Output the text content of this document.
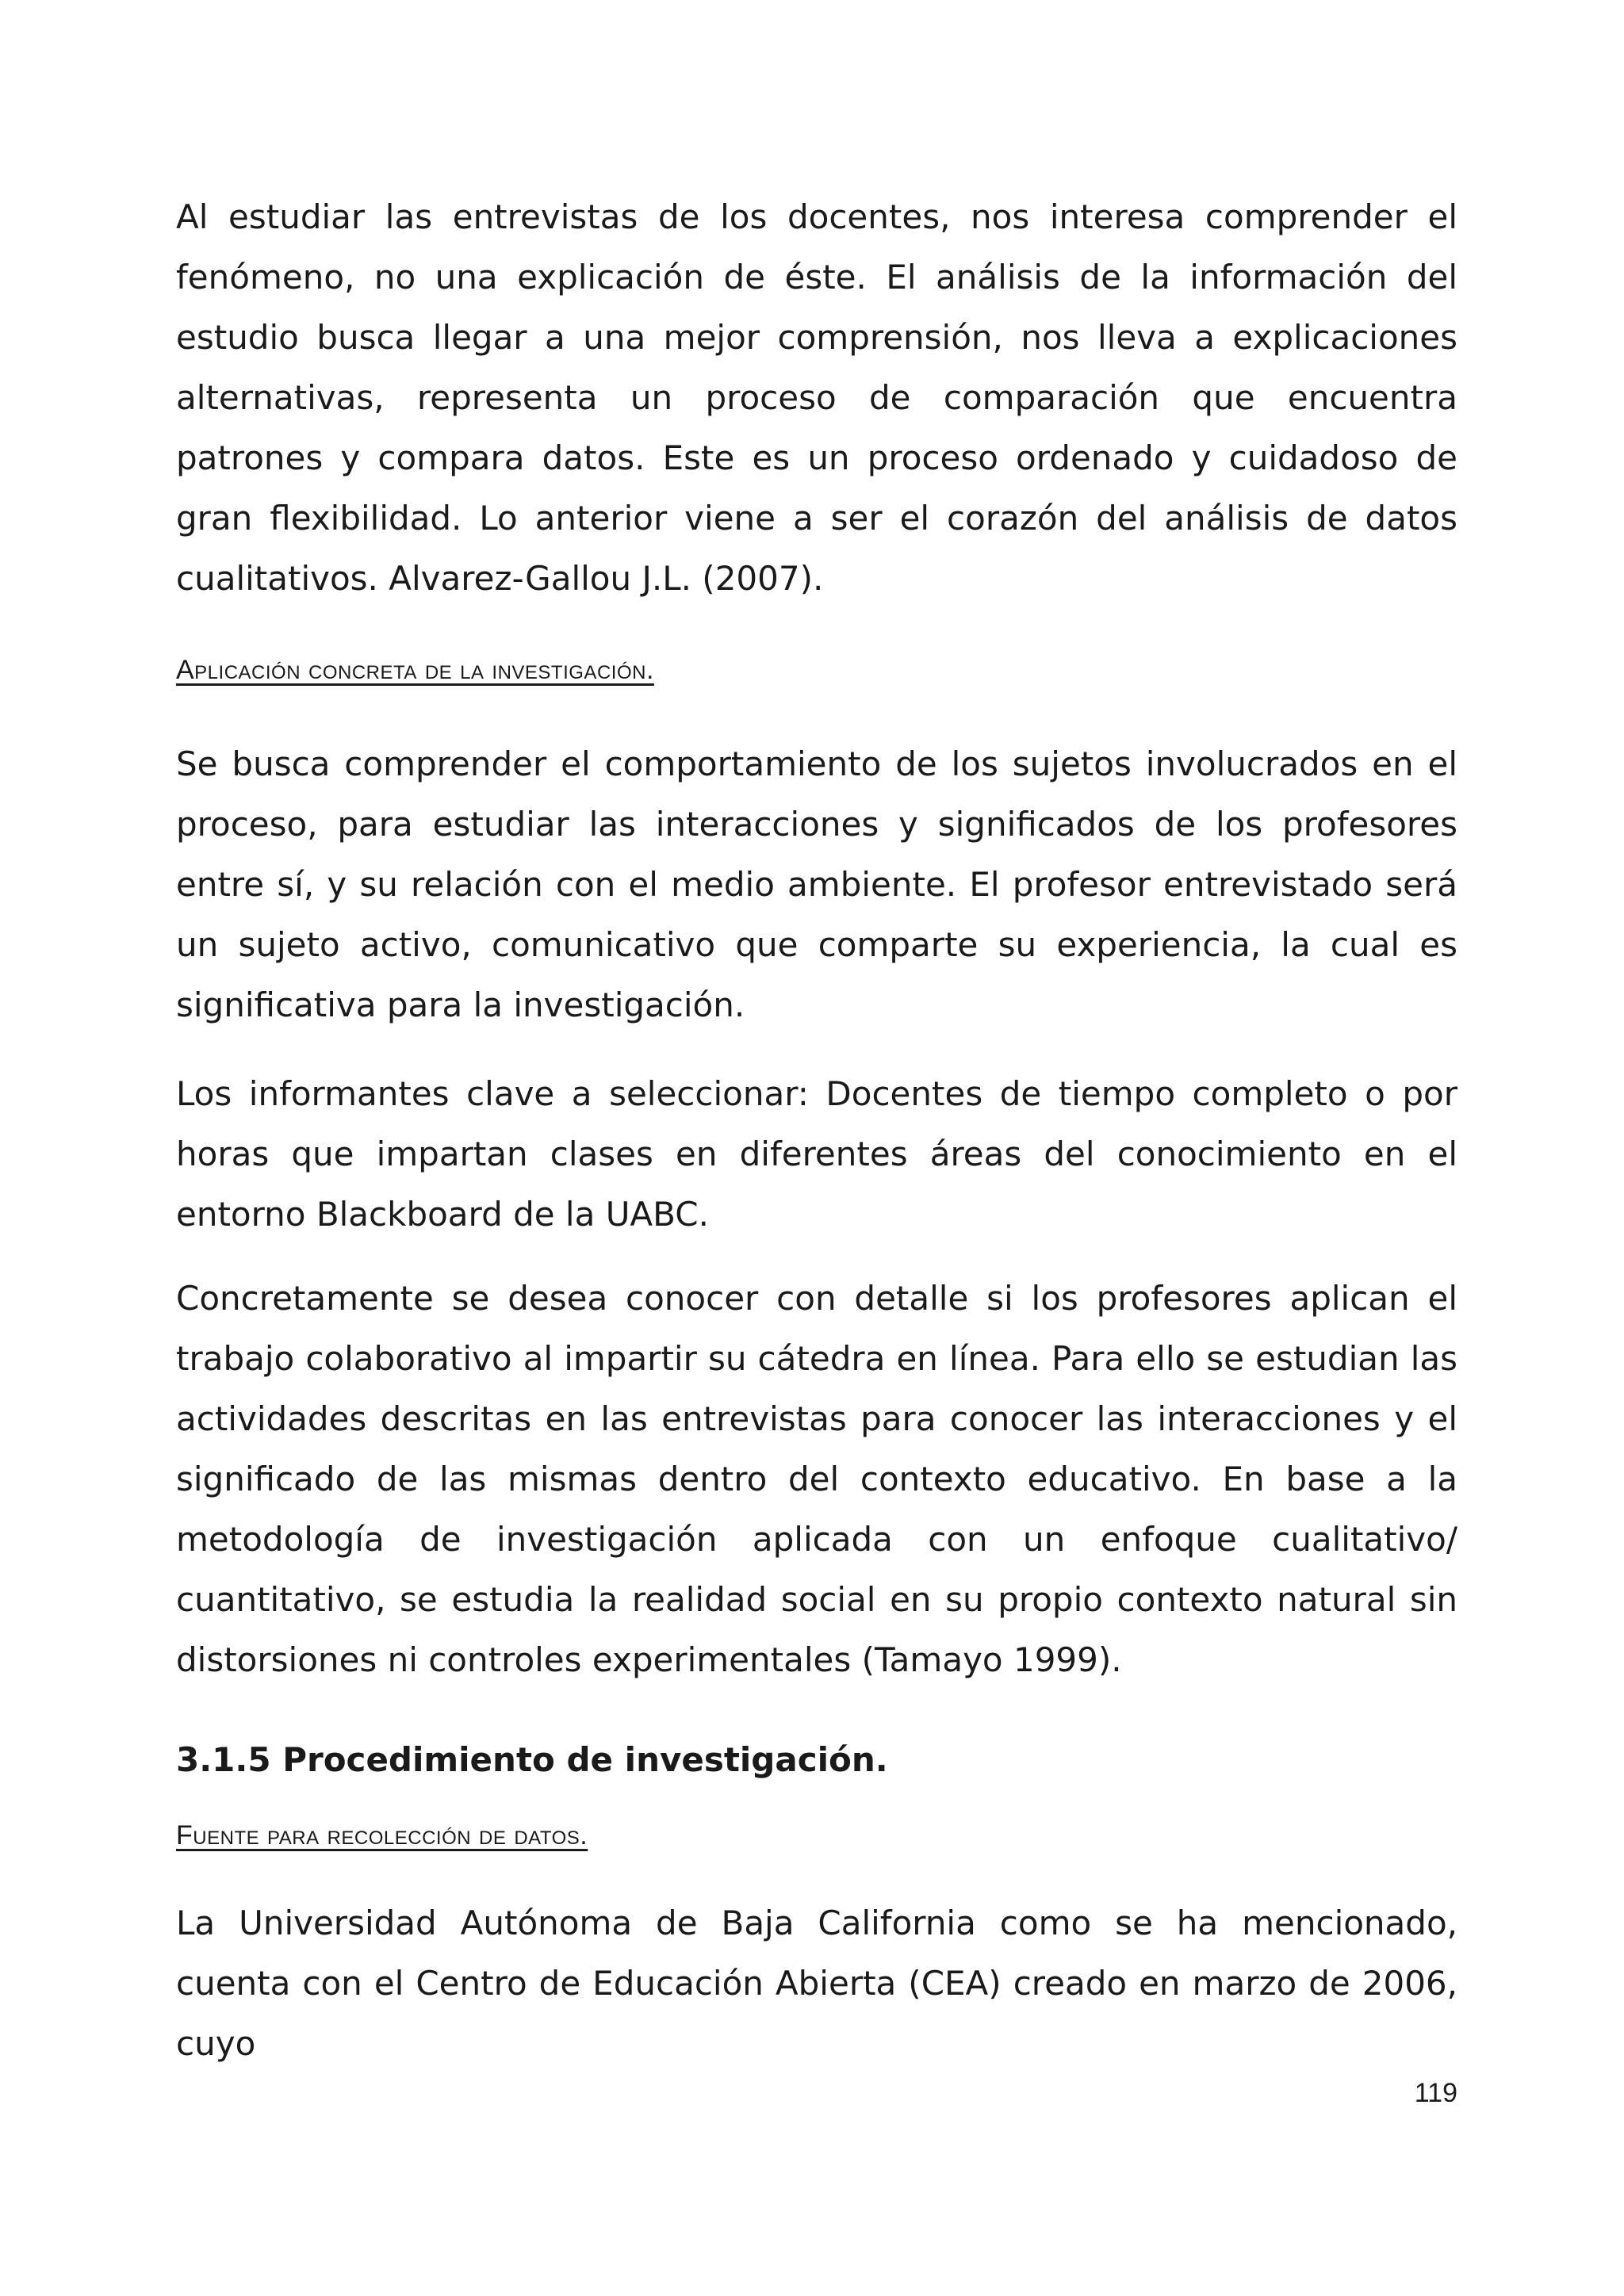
Al estudiar las entrevistas de los docentes, nos interesa comprender el fenómeno, no una explicación de éste. El análisis de la información del estudio busca llegar a una mejor comprensión, nos lleva a explicaciones alternativas, representa un proceso de comparación que encuentra patrones y compara datos. Este es un proceso ordenado y cuidadoso de gran flexibilidad. Lo anterior viene a ser el corazón del análisis de datos cualitativos. Alvarez-Gallou J.L. (2007).

Aplicación concreta de la investigación.

Se busca comprender el comportamiento de los sujetos involucrados en el proceso, para estudiar las interacciones y significados de los profesores entre sí, y su relación con el medio ambiente. El profesor entrevistado será un sujeto activo, comunicativo que comparte su experiencia, la cual es significativa para la investigación.

Los informantes clave a seleccionar: Docentes de tiempo completo o por horas que impartan clases en diferentes áreas del conocimiento en el entorno Blackboard de la UABC.

Concretamente se desea conocer con detalle si los profesores aplican el trabajo colaborativo al impartir su cátedra en línea. Para ello se estudian las actividades descritas en las entrevistas para conocer las interacciones y el significado de las mismas dentro del contexto educativo. En base a la metodología de investigación aplicada con un enfoque cualitativo/ cuantitativo, se estudia la realidad social en su propio contexto natural sin distorsiones ni controles experimentales (Tamayo 1999).

3.1.5 Procedimiento de investigación.

Fuente para recolección de datos.

La Universidad Autónoma de Baja California como se ha mencionado, cuenta con el Centro de Educación Abierta (CEA) creado en marzo de 2006, cuyo

119
